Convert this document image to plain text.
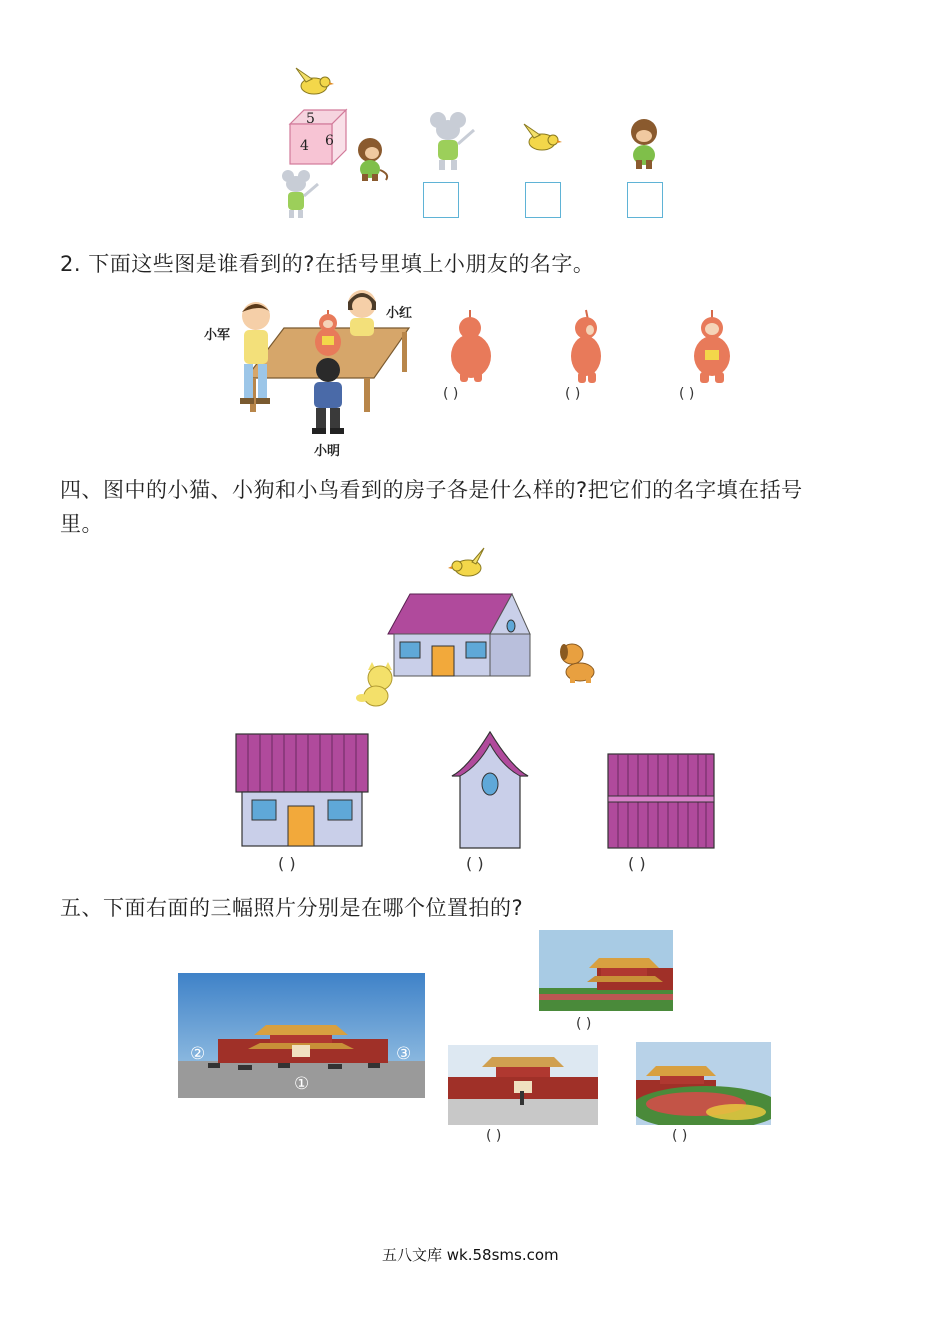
5
4 6
2. 下面这些图是谁看到的?在括号里填上小朋友的名字。
小军
小红
小明
( )	( )	( )
四、图中的小猫、小狗和小鸟看到的房子各是什么样的?把它们的名字填在括号
里。
( )	( )	( )
五、下面右面的三幅照片分别是在哪个位置拍的?
②	③
①
( )
( )	( )
五八文库 wk.58sms.com
